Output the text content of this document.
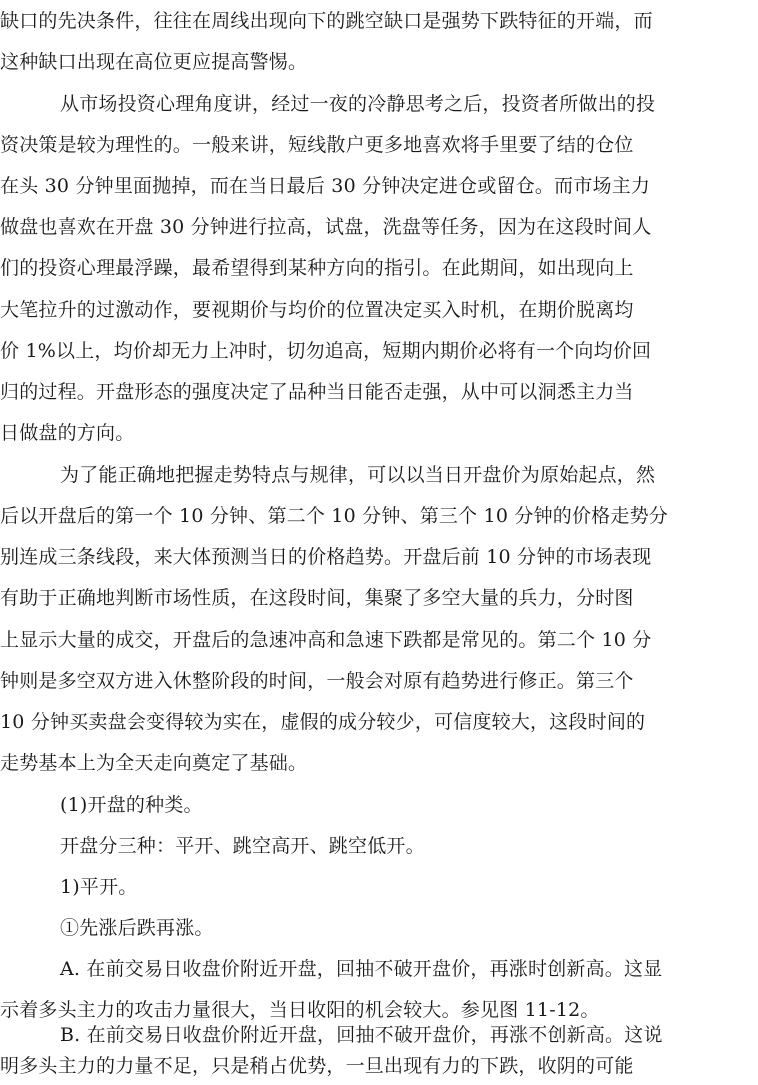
缺口的先决条件，往往在周线出现向下的跳空缺口是强势下跌特征的开端，而
这种缺口出现在高位更应提高警惕。
从市场投资心理角度讲，经过一夜的冷静思考之后，投资者所做出的投
资决策是较为理性的。一般来讲，短线散户更多地喜欢将手里要了结的仓位
在头 30 分钟里面抛掉，而在当日最后 30 分钟决定进仓或留仓。而市场主力
做盘也喜欢在开盘 30 分钟进行拉高，试盘，洗盘等任务，因为在这段时间人
们的投资心理最浮躁，最希望得到某种方向的指引。在此期间，如出现向上
大笔拉升的过激动作，要视期价与均价的位置决定买入时机，在期价脱离均
价 1%以上，均价却无力上冲时，切勿追高，短期内期价必将有一个向均价回
归的过程。开盘形态的强度决定了品种当日能否走强，从中可以洞悉主力当
日做盘的方向。
为了能正确地把握走势特点与规律，可以以当日开盘价为原始起点，然
后以开盘后的第一个 10 分钟、第二个 10 分钟、第三个 10 分钟的价格走势分
别连成三条线段，来大体预测当日的价格趋势。开盘后前 10 分钟的市场表现
有助于正确地判断市场性质，在这段时间，集聚了多空大量的兵力，分时图
上显示大量的成交，开盘后的急速冲高和急速下跌都是常见的。第二个 10 分
钟则是多空双方进入休整阶段的时间，一般会对原有趋势进行修正。第三个
10 分钟买卖盘会变得较为实在，虚假的成分较少，可信度较大，这段时间的
走势基本上为全天走向奠定了基础。
(1)开盘的种类。
开盘分三种：平开、跳空高开、跳空低开。
1)平开。
①先涨后跌再涨。
A. 在前交易日收盘价附近开盘，回抽不破开盘价，再涨时创新高。这显
示着多头主力的攻击力量很大，当日收阳的机会较大。参见图 11-12。
B. 在前交易日收盘价附近开盘，回抽不破开盘价，再涨不创新高。这说
明多头主力的力量不足，只是稍占优势，一旦出现有力的下跌，收阴的可能
